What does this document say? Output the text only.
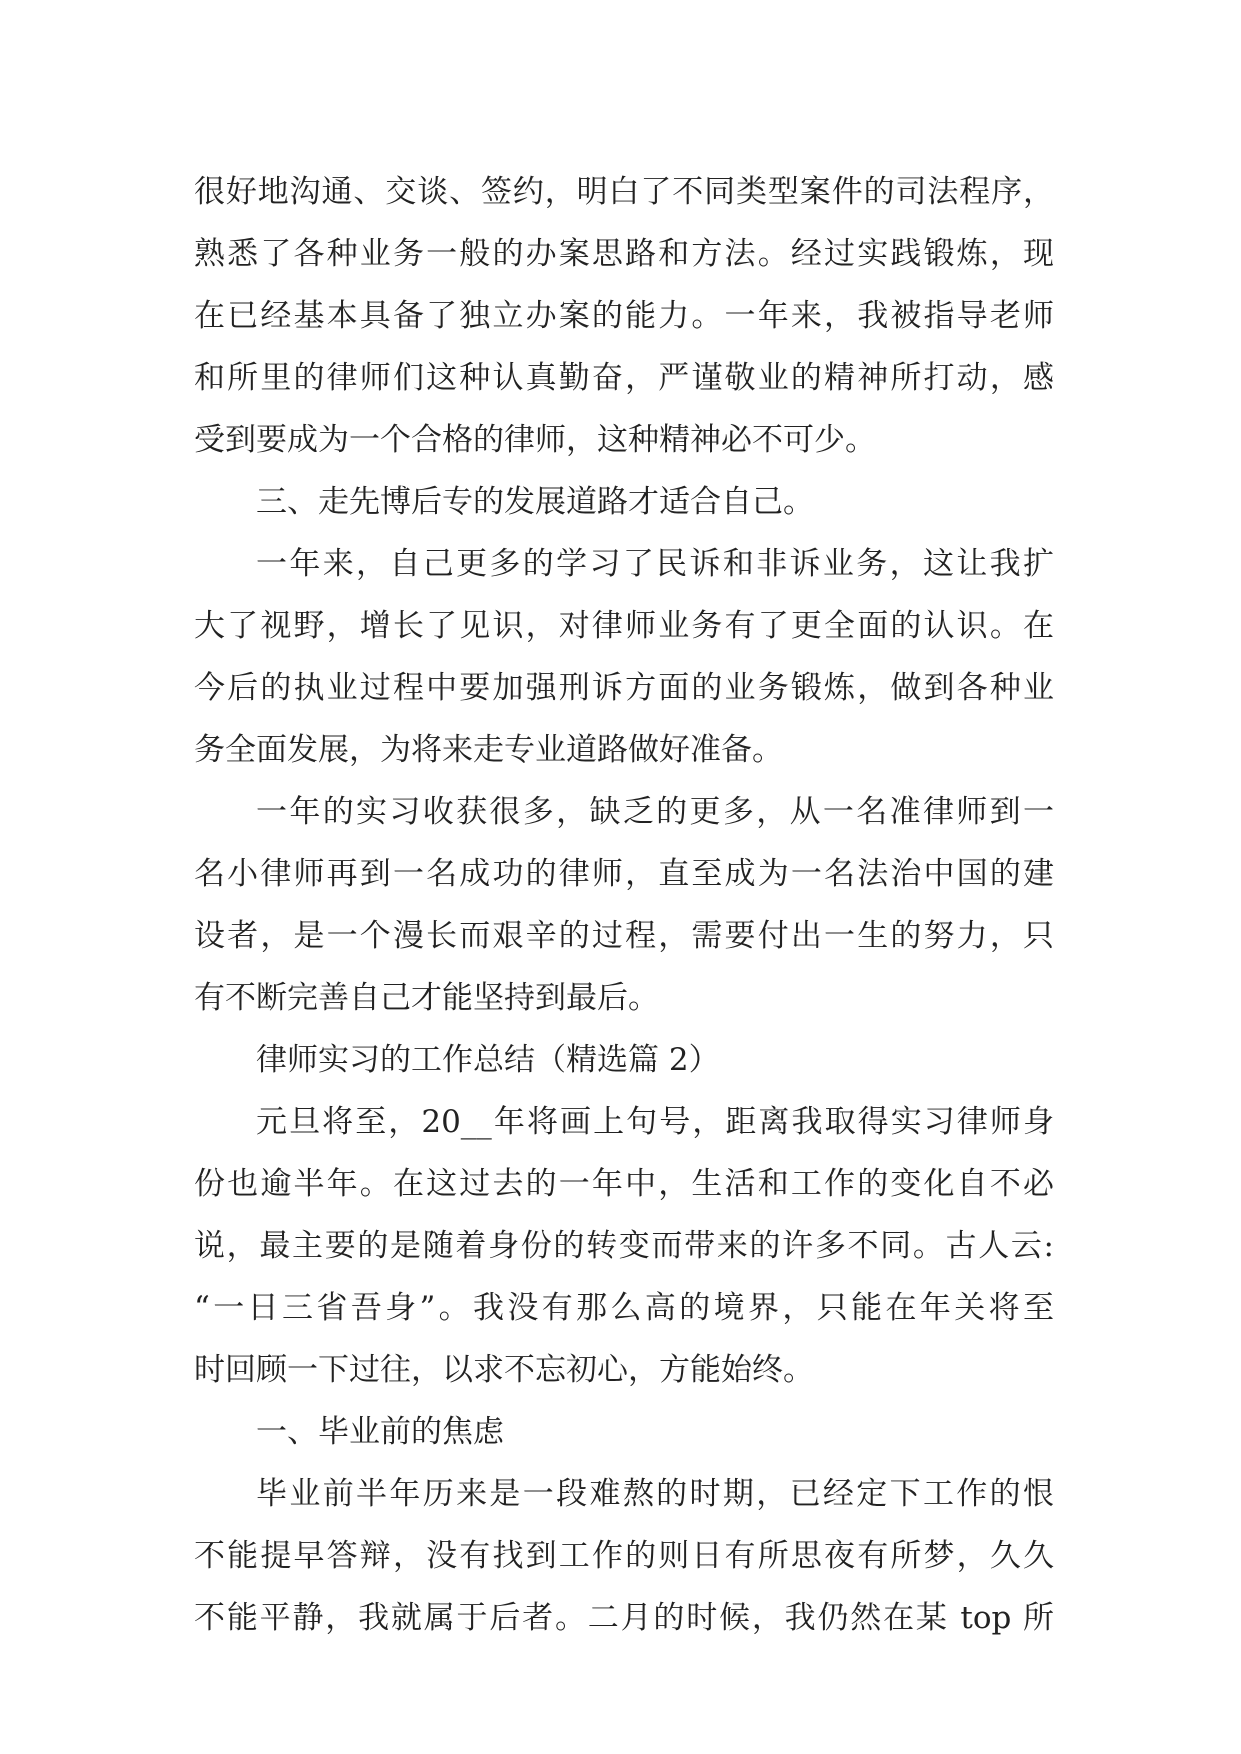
很好地沟通、交谈、签约，明白了不同类型案件的司法程序，
熟悉了各种业务一般的办案思路和方法。经过实践锻炼，现
在已经基本具备了独立办案的能力。一年来，我被指导老师
和所里的律师们这种认真勤奋，严谨敬业的精神所打动，感
受到要成为一个合格的律师，这种精神必不可少。
三、走先博后专的发展道路才适合自己。
一年来，自己更多的学习了民诉和非诉业务，这让我扩
大了视野，增长了见识，对律师业务有了更全面的认识。在
今后的执业过程中要加强刑诉方面的业务锻炼，做到各种业
务全面发展，为将来走专业道路做好准备。
一年的实习收获很多，缺乏的更多，从一名准律师到一
名小律师再到一名成功的律师，直至成为一名法治中国的建
设者，是一个漫长而艰辛的过程，需要付出一生的努力，只
有不断完善自己才能坚持到最后。
律师实习的工作总结（精选篇 2）
元旦将至，20__年将画上句号，距离我取得实习律师身
份也逾半年。在这过去的一年中，生活和工作的变化自不必
说，最主要的是随着身份的转变而带来的许多不同。古人云:
“一日三省吾身”。我没有那么高的境界，只能在年关将至
时回顾一下过往，以求不忘初心，方能始终。
一、毕业前的焦虑
毕业前半年历来是一段难熬的时期，已经定下工作的恨
不能提早答辩，没有找到工作的则日有所思夜有所梦，久久
不能平静，我就属于后者。二月的时候，我仍然在某 top 所
